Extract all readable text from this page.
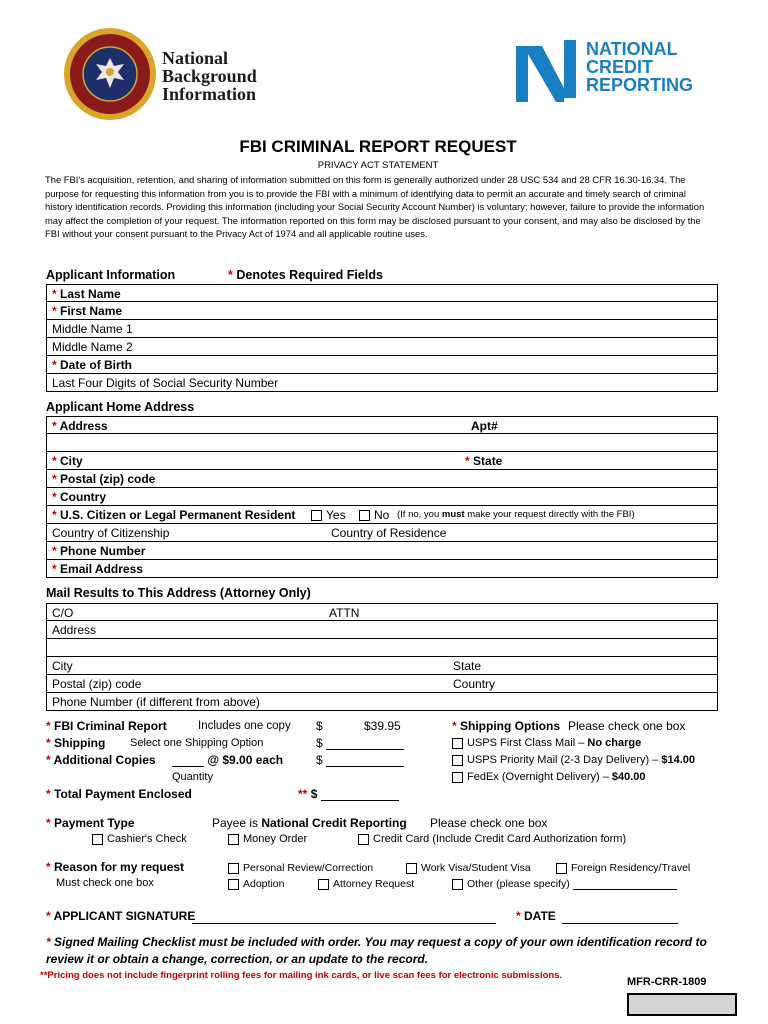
National
Background
Information
NATIONAL
CREDIT
REPORTING
FBI CRIMINAL REPORT REQUEST
PRIVACY ACT STATEMENT
The FBI's acquisition, retention, and sharing of information submitted on this form is generally authorized under 28 USC 534 and 28 CFR 16.30-16.34. The purpose for requesting this information from you is to provide the FBI with a minimum of identifying data to permit an accurate and timely search of criminal history identification records. Providing this information (including your Social Security Account Number) is voluntary; however, failure to provide the information may affect the completion of your request. The information reported on this form may be disclosed pursuant to your consent, and may also be disclosed by the FBI without your consent pursuant to the Privacy Act of 1974 and all applicable routine uses.
Applicant Information	* Denotes Required Fields
* Last Name
* First Name
Middle Name 1
Middle Name 2
* Date of Birth
Last Four Digits of Social Security Number
Applicant Home Address
* Address	Apt#
* City	* State
* Postal (zip) code
* Country
* U.S. Citizen or Legal Permanent Resident	Yes	No (If no, you must make your request directly with the FBI)
Country of Citizenship	Country of Residence
* Phone Number
* Email Address
Mail Results to This Address (Attorney Only)
C/O	ATTN
Address
City	State
Postal (zip) code	Country
Phone Number (if different from above)
* FBI Criminal Report	Includes one copy $	$39.95
* Shipping Select one Shipping Option	$
* Additional Copies	@ $9.00 each	$
Quantity
* Total Payment Enclosed	** $
* Shipping Options Please check one box
USPS First Class Mail – No charge
USPS Priority Mail (2-3 Day Delivery) – $14.00
FedEx (Overnight Delivery) – $40.00
* Payment Type	Payee is National Credit Reporting Please check one box
Cashier's Check	Money Order	Credit Card (Include Credit Card Authorization form)
* Reason for my request
Must check one box
Personal Review/Correction	Work Visa/Student Visa	Foreign Residency/Travel
Adoption	Attorney Request	Other (please specify)
* APPLICANT SIGNATURE	* DATE
* Signed Mailing Checklist must be included with order. You may request a copy of your own identification record to review it or obtain a change, correction, or an update to the record.
**Pricing does not include fingerprint rolling fees for mailing ink cards, or live scan fees for electronic submissions.
MFR-CRR-1809
